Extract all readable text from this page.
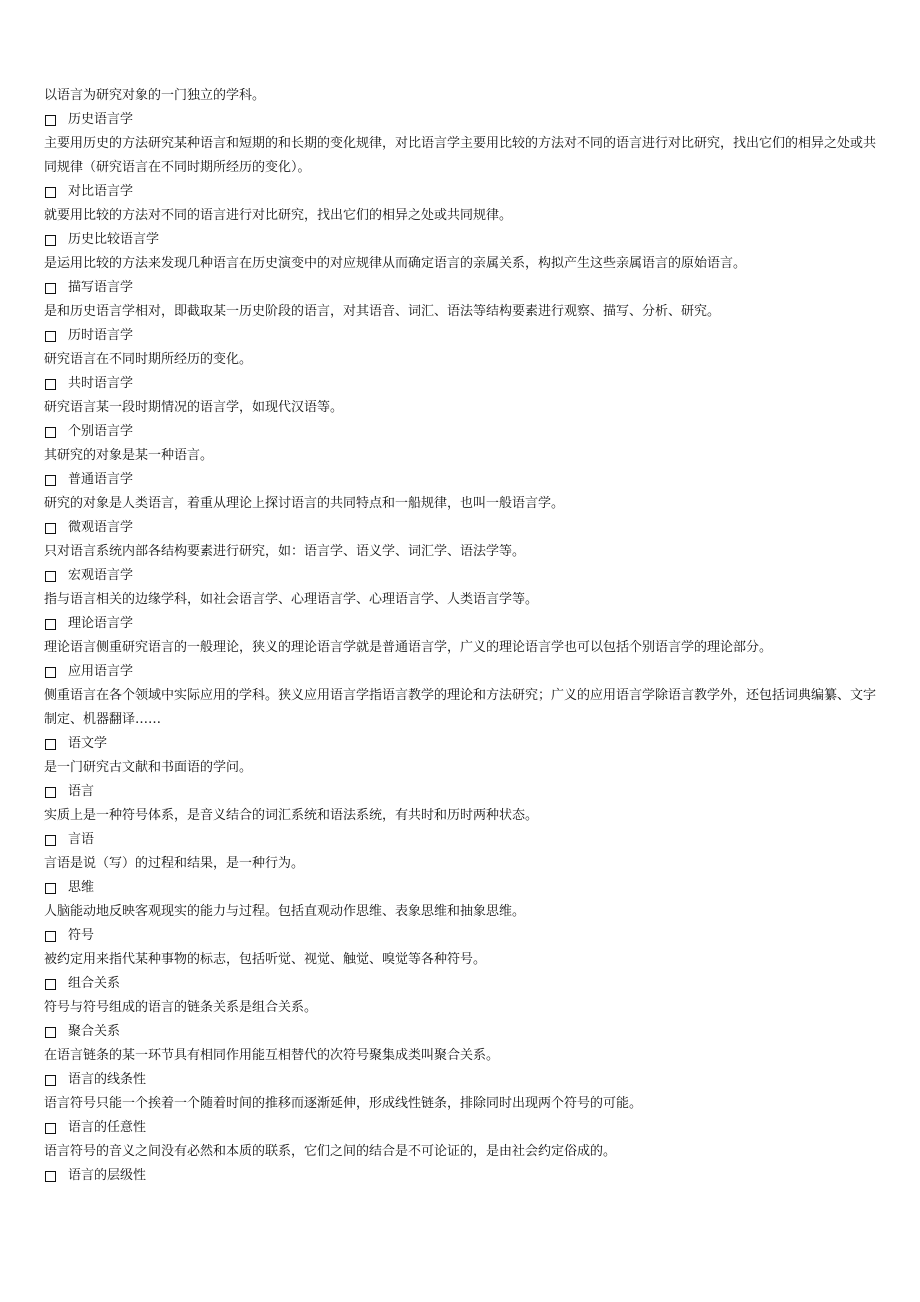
以语言为研究对象的一门独立的学科。
历史语言学
主要用历史的方法研究某种语言和短期的和长期的变化规律，对比语言学主要用比较的方法对不同的语言进行对比研究，找出它们的相异之处或共同规律（研究语言在不同时期所经历的变化）。
对比语言学
就要用比较的方法对不同的语言进行对比研究，找出它们的相异之处或共同规律。
历史比较语言学
是运用比较的方法来发现几种语言在历史演变中的对应规律从而确定语言的亲属关系，构拟产生这些亲属语言的原始语言。
描写语言学
是和历史语言学相对，即截取某一历史阶段的语言，对其语音、词汇、语法等结构要素进行观察、描写、分析、研究。
历时语言学
研究语言在不同时期所经历的变化。
共时语言学
研究语言某一段时期情况的语言学，如现代汉语等。
个别语言学
其研究的对象是某一种语言。
普通语言学
研究的对象是人类语言，着重从理论上探讨语言的共同特点和一船规律，也叫一般语言学。
微观语言学
只对语言系统内部各结构要素进行研究，如：语言学、语义学、词汇学、语法学等。
宏观语言学
指与语言相关的边缘学科，如社会语言学、心理语言学、心理语言学、人类语言学等。
理论语言学
理论语言侧重研究语言的一般理论，狭义的理论语言学就是普通语言学，广义的理论语言学也可以包括个别语言学的理论部分。
应用语言学
侧重语言在各个领域中实际应用的学科。狭义应用语言学指语言教学的理论和方法研究；广义的应用语言学除语言教学外，还包括词典编纂、文字制定、机器翻译……
语文学
是一门研究古文献和书面语的学问。
语言
实质上是一种符号体系，是音义结合的词汇系统和语法系统，有共时和历时两种状态。
言语
言语是说（写）的过程和结果，是一种行为。
思维
人脑能动地反映客观现实的能力与过程。包括直观动作思维、表象思维和抽象思维。
符号
被约定用来指代某种事物的标志，包括听觉、视觉、触觉、嗅觉等各种符号。
组合关系
符号与符号组成的语言的链条关系是组合关系。
聚合关系
在语言链条的某一环节具有相同作用能互相替代的次符号聚集成类叫聚合关系。
语言的线条性
语言符号只能一个挨着一个随着时间的推移而逐渐延伸，形成线性链条，排除同时出现两个符号的可能。
语言的任意性
语言符号的音义之间没有必然和本质的联系，它们之间的结合是不可论证的，是由社会约定俗成的。
语言的层级性
